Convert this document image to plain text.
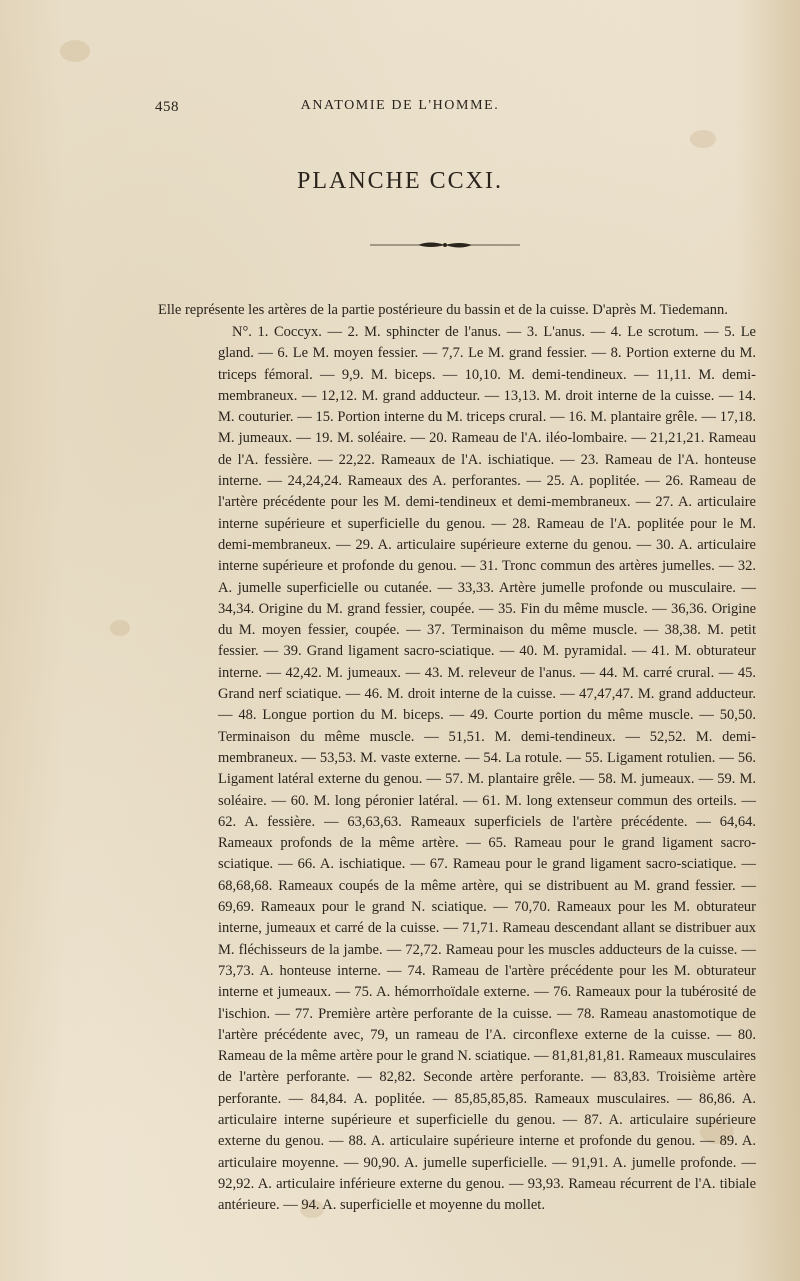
458	ANATOMIE DE L'HOMME.
PLANCHE CCXI.

Elle représente les artères de la partie postérieure du bassin et de la cuisse. D'après M. Tiedemann.

N°. 1. Coccyx. — 2. M. sphincter de l'anus. — 3. L'anus. — 4. Le scrotum. — 5. Le gland. — 6. Le M. moyen fessier. — 7,7. Le M. grand fessier. — 8. Portion externe du M. triceps fémoral. — 9,9. M. biceps. — 10,10. M. demi-tendineux. — 11,11. M. demi-membraneux. — 12,12. M. grand adducteur. — 13,13. M. droit interne de la cuisse. — 14. M. couturier. — 15. Portion interne du M. triceps crural. — 16. M. plantaire grêle. — 17,18. M. jumeaux. — 19. M. soléaire. — 20. Rameau de l'A. iléo-lombaire. — 21,21,21. Rameau de l'A. fessière. — 22,22. Rameaux de l'A. ischiatique. — 23. Rameau de l'A. honteuse interne. — 24,24,24. Rameaux des A. perforantes. — 25. A. poplitée. — 26. Rameau de l'artère précédente pour les M. demi-tendineux et demi-membraneux. — 27. A. articulaire interne supérieure et superficielle du genou. — 28. Rameau de l'A. poplitée pour le M. demi-membraneux. — 29. A. articulaire supérieure externe du genou. — 30. A. articulaire interne supérieure et profonde du genou. — 31. Tronc commun des artères jumelles. — 32. A. jumelle superficielle ou cutanée. — 33,33. Artère jumelle profonde ou musculaire. — 34,34. Origine du M. grand fessier, coupée. — 35. Fin du même muscle. — 36,36. Origine du M. moyen fessier, coupée. — 37. Terminaison du même muscle. — 38,38. M. petit fessier. — 39. Grand ligament sacro-sciatique. — 40. M. pyramidal. — 41. M. obturateur interne. — 42,42. M. jumeaux. — 43. M. releveur de l'anus. — 44. M. carré crural. — 45. Grand nerf sciatique. — 46. M. droit interne de la cuisse. — 47,47,47. M. grand adducteur. — 48. Longue portion du M. biceps. — 49. Courte portion du même muscle. — 50,50. Terminaison du même muscle. — 51,51. M. demi-tendineux. — 52,52. M. demi-membraneux. — 53,53. M. vaste externe. — 54. La rotule. — 55. Ligament rotulien. — 56. Ligament latéral externe du genou. — 57. M. plantaire grêle. — 58. M. jumeaux. — 59. M. soléaire. — 60. M. long péronier latéral. — 61. M. long extenseur commun des orteils. — 62. A. fessière. — 63,63,63. Rameaux superficiels de l'artère précédente. — 64,64. Rameaux profonds de la même artère. — 65. Rameau pour le grand ligament sacro-sciatique. — 66. A. ischiatique. — 67. Rameau pour le grand ligament sacro-sciatique. — 68,68,68. Rameaux coupés de la même artère, qui se distribuent au M. grand fessier. — 69,69. Rameaux pour le grand N. sciatique. — 70,70. Rameaux pour les M. obturateur interne, jumeaux et carré de la cuisse. — 71,71. Rameau descendant allant se distribuer aux M. fléchisseurs de la jambe. — 72,72. Rameau pour les muscles adducteurs de la cuisse. — 73,73. A. honteuse interne. — 74. Rameau de l'artère précédente pour les M. obturateur interne et jumeaux. — 75. A. hémorrhoïdale externe. — 76. Rameaux pour la tubérosité de l'ischion. — 77. Première artère perforante de la cuisse. — 78. Rameau anastomotique de l'artère précédente avec, 79, un rameau de l'A. circonflexe externe de la cuisse. — 80. Rameau de la même artère pour le grand N. sciatique. — 81,81,81,81. Rameaux musculaires de l'artère perforante. — 82,82. Seconde artère perforante. — 83,83. Troisième artère perforante. — 84,84. A. poplitée. — 85,85,85,85. Rameaux musculaires. — 86,86. A. articulaire interne supérieure et superficielle du genou. — 87. A. articulaire supérieure externe du genou. — 88. A. articulaire supérieure interne et profonde du genou. — 89. A. articulaire moyenne. — 90,90. A. jumelle superficielle. — 91,91. A. jumelle profonde. — 92,92. A. articulaire inférieure externe du genou. — 93,93. Rameau récurrent de l'A. tibiale antérieure. — 94. A. superficielle et moyenne du mollet.
